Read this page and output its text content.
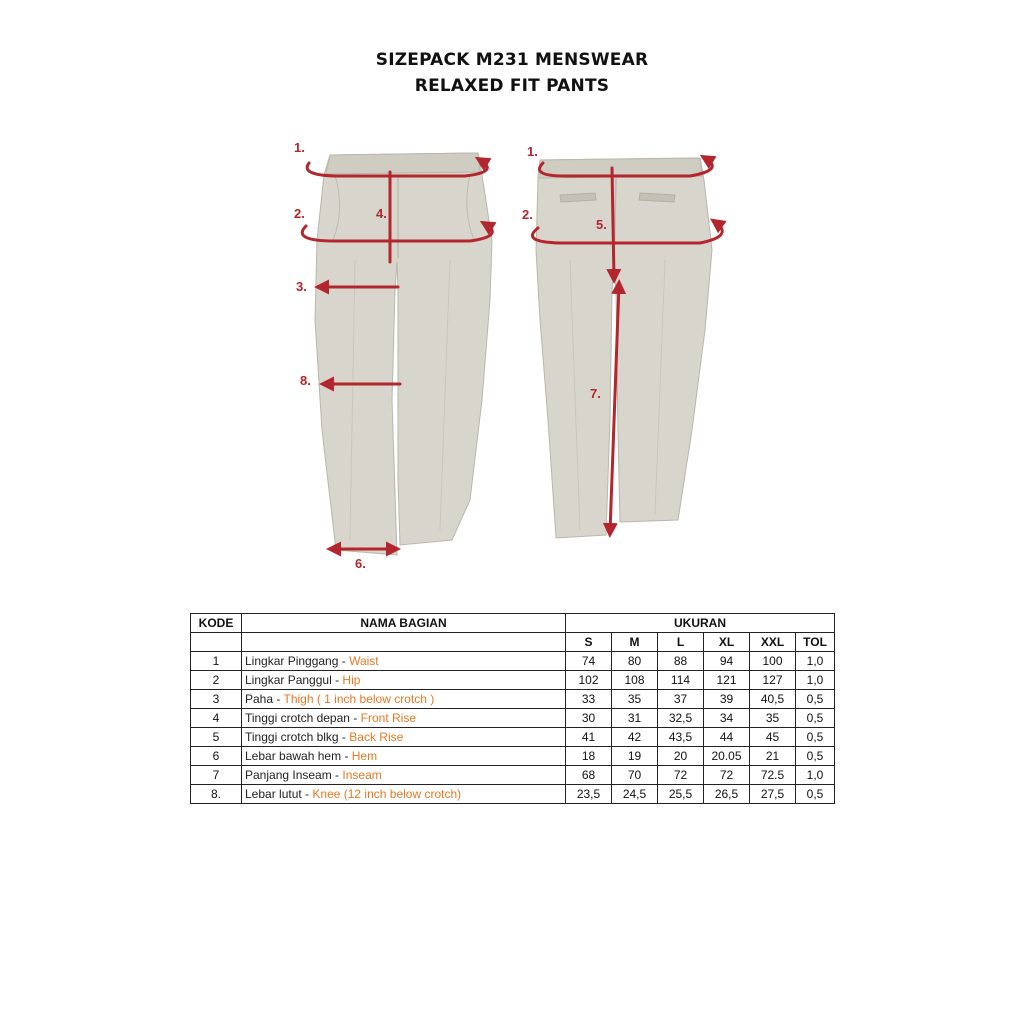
SIZEPACK M231 MENSWEAR
RELAXED FIT PANTS
1.
2.	4.
3.
8.
6.
1.
2.
5.
7.
KODE	NAMA BAGIAN	UKURAN					
		S	M	L	XL	XXL	TOL
1	Lingkar Pinggang - Waist	74	80	88	94	100	1,0
2	Lingkar Panggul - Hip	102	108	114	121	127	1,0
3	Paha - Thigh ( 1 inch below crotch )	33	35	37	39	40,5	0,5
4	Tinggi crotch depan - Front Rise	30	31	32,5	34	35	0,5
5	Tinggi crotch blkg - Back Rise	41	42	43,5	44	45	0,5
6	Lebar bawah hem - Hem	18	19	20	20.05	21	0,5
7	Panjang Inseam - Inseam	68	70	72	72	72.5	1,0
8.	Lebar lutut - Knee (12 inch below crotch)	23,5	24,5	25,5	26,5	27,5	0,5
